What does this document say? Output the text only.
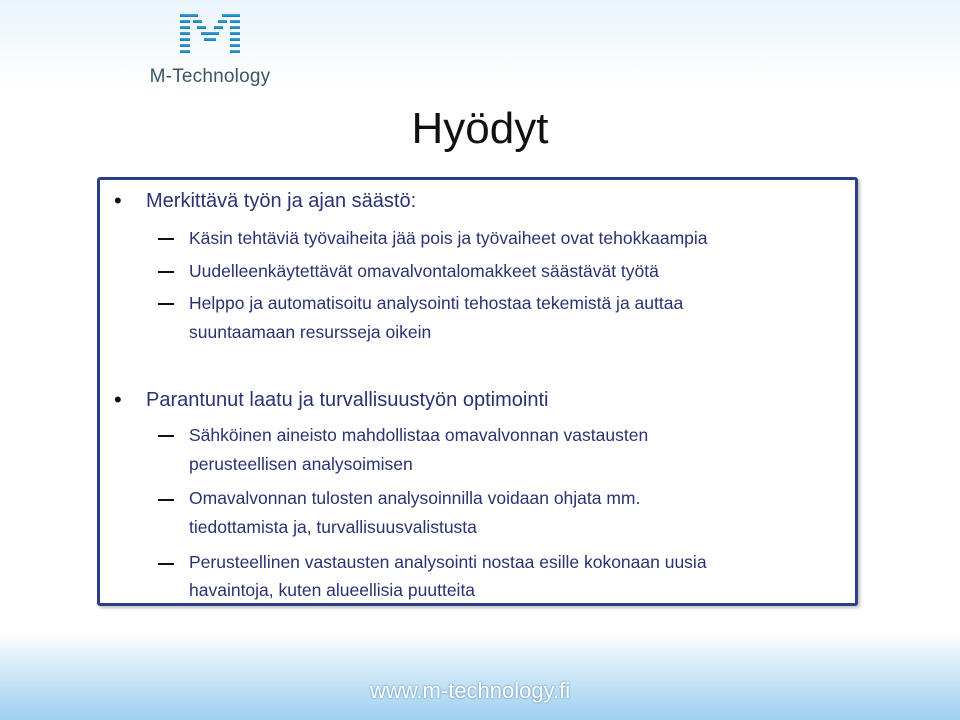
M-Technology
Hyödyt
• Merkittävä työn ja ajan säästö:
Käsin tehtäviä työvaiheita jää pois ja työvaiheet ovat tehokkaampia
Uudelleenkäytettävät omavalvontalomakkeet säästävät työtä
Helppo ja automatisoitu analysointi tehostaa tekemistä ja auttaa
suuntaamaan resursseja oikein
• Parantunut laatu ja turvallisuustyön optimointi
Sähköinen aineisto mahdollistaa omavalvonnan vastausten
perusteellisen analysoimisen
Omavalvonnan tulosten analysoinnilla voidaan ohjata mm.
tiedottamista ja, turvallisuusvalistusta
Perusteellinen vastausten analysointi nostaa esille kokonaan uusia
havaintoja, kuten alueellisia puutteita
www.m-technology.fi
